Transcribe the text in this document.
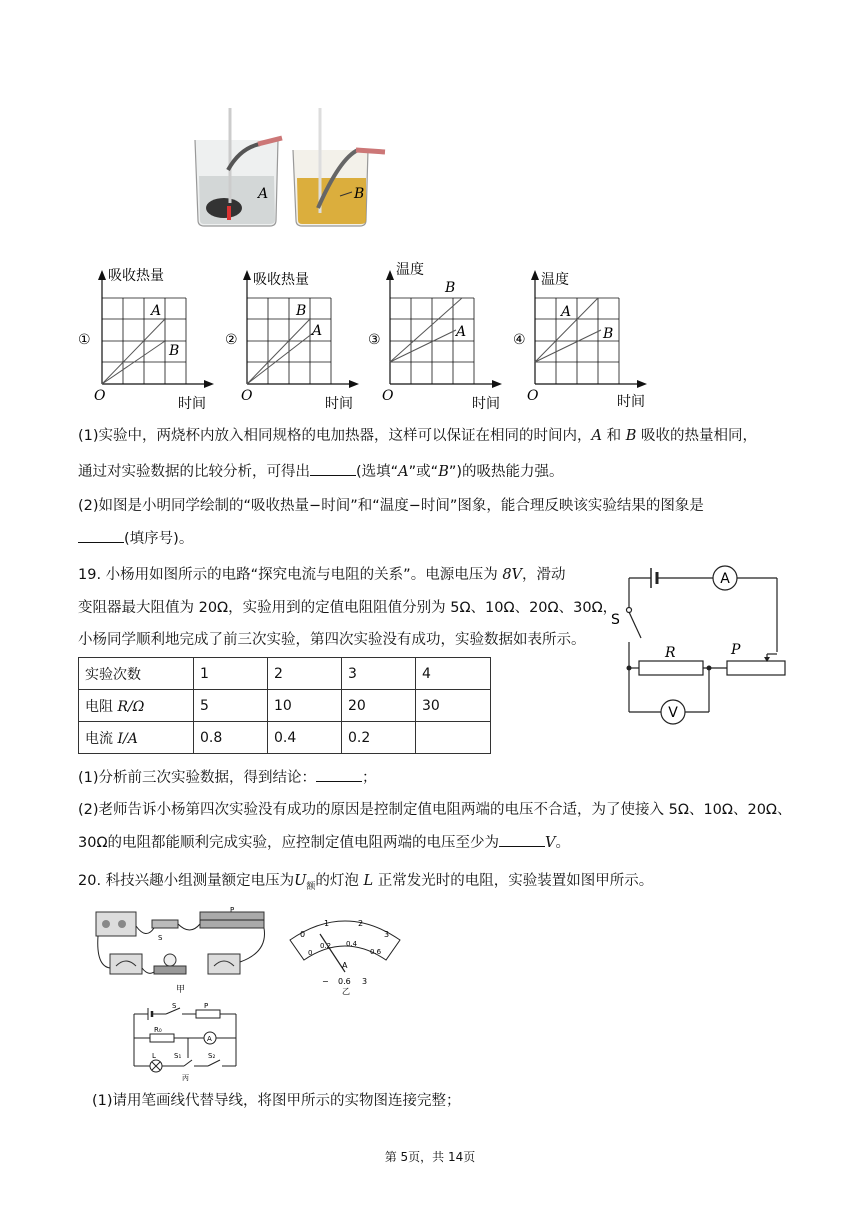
A	B
吸收热量
A
B
①
O	时间
吸收热量
B
A
②
O	时间
温度
B
A
③
O	时间
温度
A
B
④
O	时间
(1)实验中，两烧杯内放入相同规格的电加热器，这样可以保证在相同的时间内，A 和 B 吸收的热量相同，
通过对实验数据的比较分析，可得出	(选填“A”或“B”)的吸热能力强。
(2)如图是小明同学绘制的“吸收热量−时间”和“温度−时间”图象，能合理反映该实验结果的图象是
(填序号)。
19. 小杨用如图所示的电路“探究电流与电阻的关系”。电源电压为 8V，滑动
变阻器最大阻值为 20Ω，实验用到的定值电阻阻值分别为 5Ω、10Ω、20Ω、30Ω，
小杨同学顺利地完成了前三次实验，第四次实验没有成功，实验数据如表所示。
实验次数	1	2	3	4
电阻 R/Ω	5	10	20	30
电流 I/A	0.8	0.4	0.2	
A
V
S
R	P
(1)分析前三次实验数据，得到结论：	；
(2)老师告诉小杨第四次实验没有成功的原因是控制定值电阻两端的电压不合适，为了使接入 5Ω、10Ω、20Ω、
30Ω的电阻都能顺利完成实验，应控制定值电阻两端的电压至少为	V。
20. 科技兴趣小组测量额定电压为$U_额$的灯泡 L 正常发光时的电阻，实验装置如图甲所示。
S
P
甲
0
1	2
3
0
0.2 0.4
0.6
A
− 0.6 3
乙
S	P
R₀
A
L	S₁	S₂
丙
(1)请用笔画线代替导线，将图甲所示的实物图连接完整；
第 5页，共 14页
